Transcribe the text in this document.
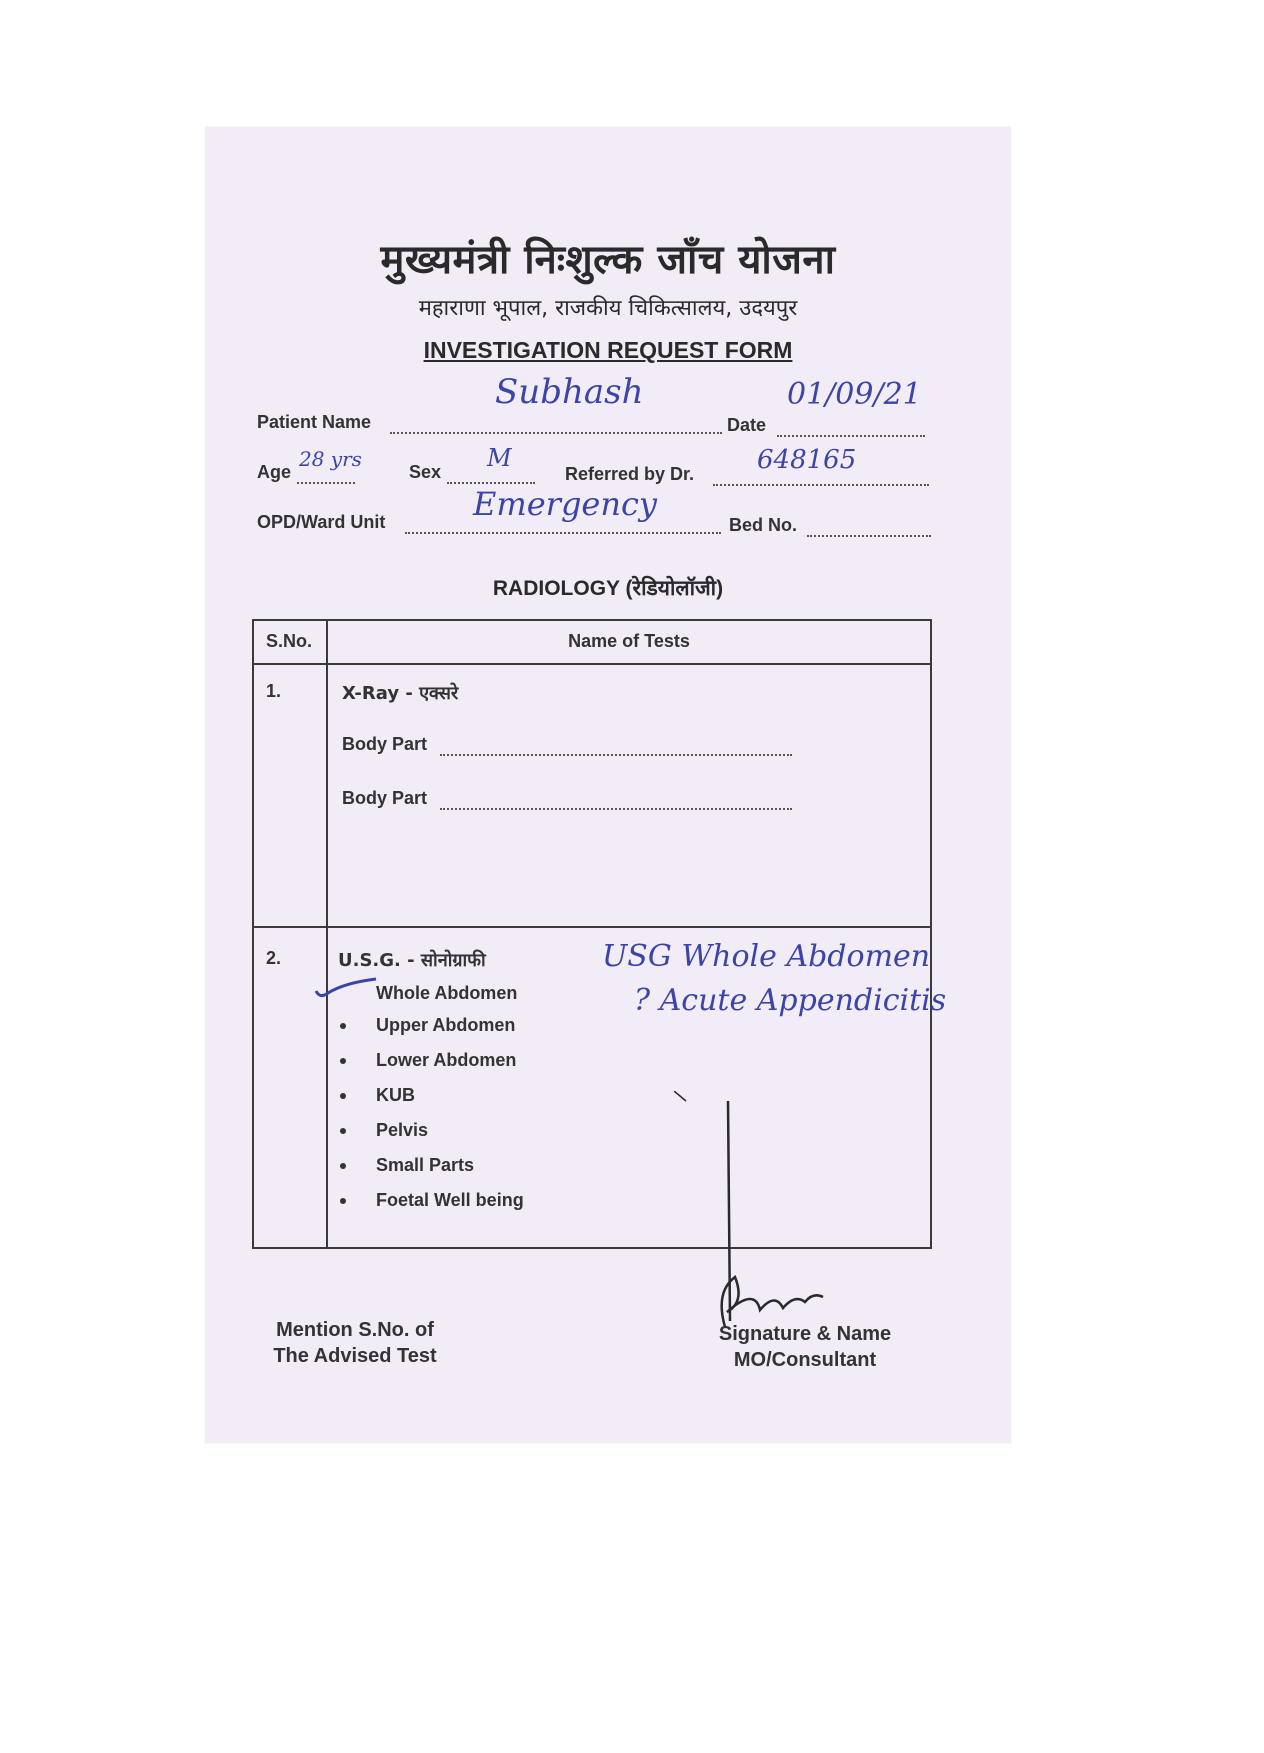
मुख्यमंत्री निःशुल्क जाँच योजना
महाराणा भूपाल, राजकीय चिकित्सालय, उदयपुर
INVESTIGATION REQUEST FORM
Patient Name
Subhash
Date
01/09/21
Age
28 yrs
Sex M
Referred by Dr. 648165
OPD/Ward Unit	Emergency
Bed No.
RADIOLOGY (रेडियोलॉजी)
S.No.	Name of Tests
1.	X-Ray - एक्सरे
Body Part
Body Part
2.	U.S.G. - सोनोग्राफी
Whole Abdomen
Upper Abdomen
Lower Abdomen
KUB
Pelvis
Small Parts
Foetal Well being
USG Whole Abdomen
? Acute Appendicitis
Mention S.No. of
The Advised Test
Signature & Name
MO/Consultant
